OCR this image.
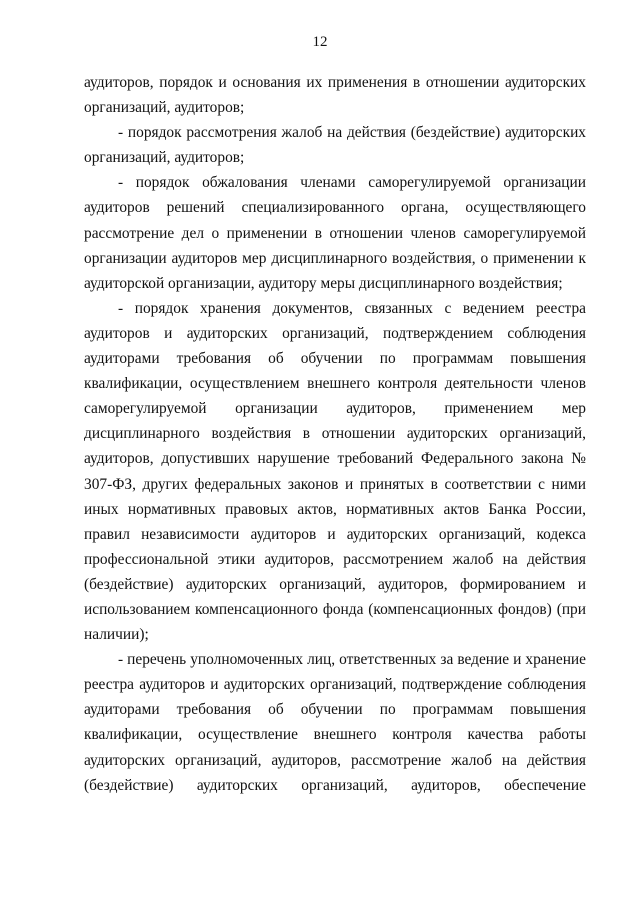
12

аудиторов, порядок и основания их применения в отношении аудиторских организаций, аудиторов;

- порядок рассмотрения жалоб на действия (бездействие) аудиторских организаций, аудиторов;

- порядок обжалования членами саморегулируемой организации аудиторов решений специализированного органа, осуществляющего рассмотрение дел о применении в отношении членов саморегулируемой организации аудиторов мер дисциплинарного воздействия, о применении к аудиторской организации, аудитору меры дисциплинарного воздействия;

- порядок хранения документов, связанных с ведением реестра аудиторов и аудиторских организаций, подтверждением соблюдения аудиторами требования об обучении по программам повышения квалификации, осуществлением внешнего контроля деятельности членов саморегулируемой организации аудиторов, применением мер дисциплинарного воздействия в отношении аудиторских организаций, аудиторов, допустивших нарушение требований Федерального закона № 307-ФЗ, других федеральных законов и принятых в соответствии с ними иных нормативных правовых актов, нормативных актов Банка России, правил независимости аудиторов и аудиторских организаций, кодекса профессиональной этики аудиторов, рассмотрением жалоб на действия (бездействие) аудиторских организаций, аудиторов, формированием и использованием компенсационного фонда (компенсационных фондов) (при наличии);

- перечень уполномоченных лиц, ответственных за ведение и хранение реестра аудиторов и аудиторских организаций, подтверждение соблюдения аудиторами требования об обучении по программам повышения квалификации, осуществление внешнего контроля качества работы аудиторских организаций, аудиторов, рассмотрение жалоб на действия (бездействие) аудиторских организаций, аудиторов, обеспечение
